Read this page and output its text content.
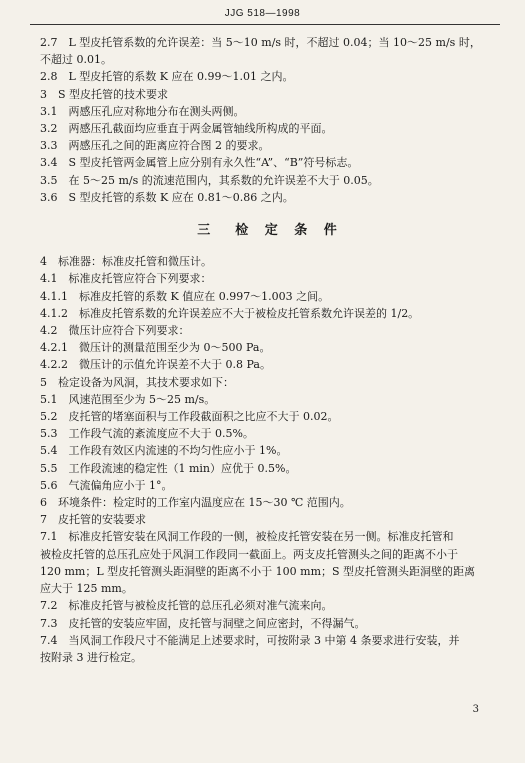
JJG 518—1998
2.7　L 型皮托管系数的允许误差：当 5～10 m/s 时，不超过 0.04；当 10～25 m/s 时，
不超过 0.01。
2.8　L 型皮托管的系数 K 应在 0.99～1.01 之内。
3　S 型皮托管的技术要求
3.1　两感压孔应对称地分布在测头两侧。
3.2　两感压孔截面均应垂直于两金属管轴线所构成的平面。
3.3　两感压孔之间的距离应符合图 2 的要求。
3.4　S 型皮托管两金属管上应分别有永久性“A”、“B”符号标志。
3.5　在 5～25 m/s 的流速范围内，其系数的允许误差不大于 0.05。
3.6　S 型皮托管的系数 K 应在 0.81～0.86 之内。
三　检 定 条 件
4　标准器：标准皮托管和微压计。
4.1　标准皮托管应符合下列要求：
4.1.1　标准皮托管的系数 K 值应在 0.997～1.003 之间。
4.1.2　标准皮托管系数的允许误差应不大于被检皮托管系数允许误差的 1/2。
4.2　微压计应符合下列要求：
4.2.1　微压计的测量范围至少为 0～500 Pa。
4.2.2　微压计的示值允许误差不大于 0.8 Pa。
5　检定设备为风洞，其技术要求如下：
5.1　风速范围至少为 5～25 m/s。
5.2　皮托管的堵塞面积与工作段截面积之比应不大于 0.02。
5.3　工作段气流的紊流度应不大于 0.5%。
5.4　工作段有效区内流速的不均匀性应小于 1%。
5.5　工作段流速的稳定性（1 min）应优于 0.5%。
5.6　气流偏角应小于 1°。
6　环境条件：检定时的工作室内温度应在 15～30 ℃ 范围内。
7　皮托管的安装要求
7.1　标准皮托管安装在风洞工作段的一侧，被检皮托管安装在另一侧。标准皮托管和
被检皮托管的总压孔应处于风洞工作段同一截面上。两支皮托管测头之间的距离不小于
120 mm；L 型皮托管测头距洞壁的距离不小于 100 mm；S 型皮托管测头距洞壁的距离
应大于 125 mm。
7.2　标准皮托管与被检皮托管的总压孔必须对准气流来向。
7.3　皮托管的安装应牢固，皮托管与洞壁之间应密封，不得漏气。
7.4　当风洞工作段尺寸不能满足上述要求时，可按附录 3 中第 4 条要求进行安装，并
按附录 3 进行检定。
3
